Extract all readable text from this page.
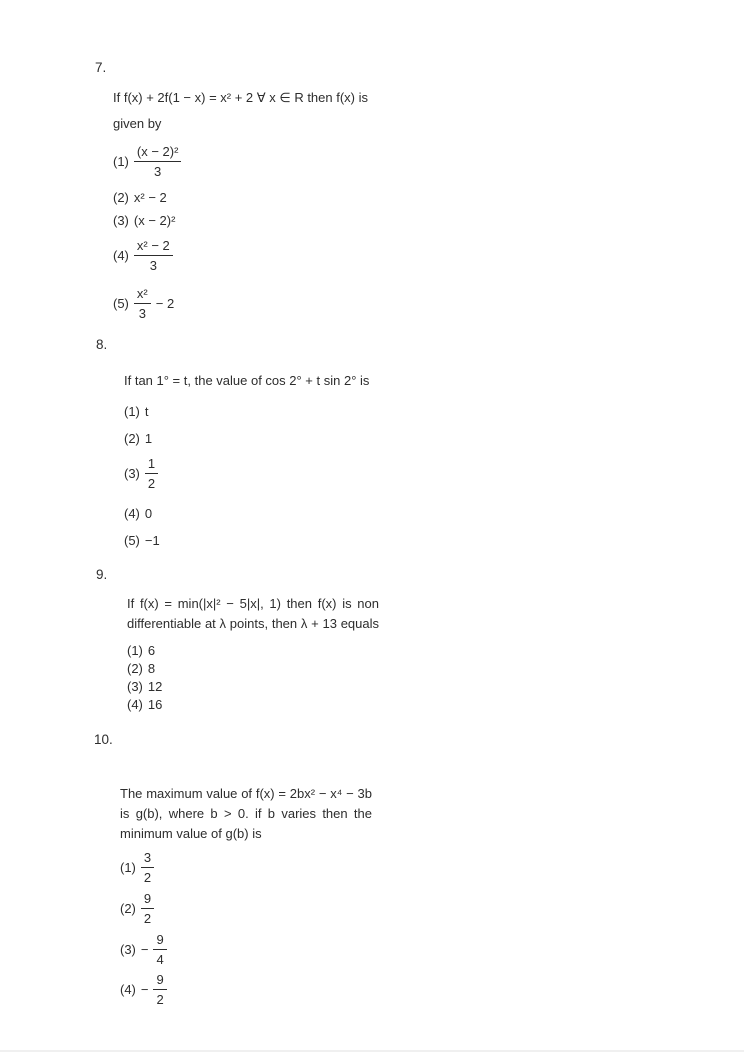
7.
If f(x) + 2f(1 − x) = x² + 2 ∀ x ∈ R then f(x) is
given by
$(1) \frac{\text{(x − 2)²}}{3}$
(2) x² − 2
(3) (x − 2)²
$(4) \frac{\text{x² − 2}}{3}$
$(5) \frac{\text{x²}}{3} - 2$
8.
If tan 1° = t, the value of cos 2° + t sin 2° is
(1) t
(2) 1
$(3) \frac{1}{2}$
(4) 0
(5) −1
9.
If f(x) = min(|x|² − 5|x|, 1) then f(x) is non
differentiable at λ points, then λ + 13 equals
(1) 6
(2) 8
(3) 12
(4) 16
10.
The maximum value of f(x) = 2bx² − x⁴ − 3b
is g(b), where b > 0. if b varies then the
minimum value of g(b) is
$(1) \frac{3}{2}$
$(2) \frac{9}{2}$
$(3) - \frac{9}{4}$
$(4) - \frac{9}{2}$
